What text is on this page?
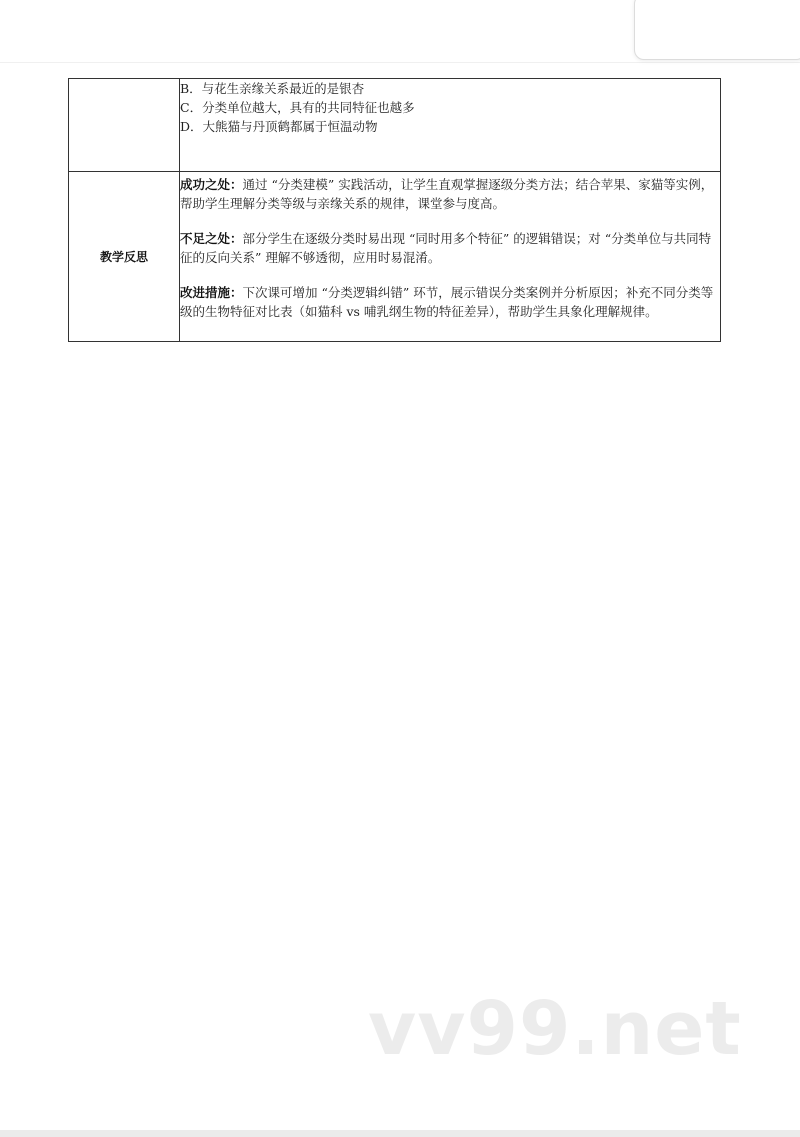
	B．与花生亲缘关系最近的是银杏
C．分类单位越大，具有的共同特征也越多
D．大熊猫与丹顶鹤都属于恒温动物

教学反思	成功之处：通过 “分类建模” 实践活动，让学生直观掌握逐级分类方法；结合苹果、家猫等实例，帮助学生理解分类等级与亲缘关系的规律，课堂参与度高。
不足之处：部分学生在逐级分类时易出现 “同时用多个特征” 的逻辑错误；对 “分类单位与共同特征的反向关系” 理解不够透彻，应用时易混淆。
改进措施：下次课可增加 “分类逻辑纠错” 环节，展示错误分类案例并分析原因；补充不同分类等级的生物特征对比表（如猫科 vs 哺乳纲生物的特征差异），帮助学生具象化理解规律。
vv99.net
